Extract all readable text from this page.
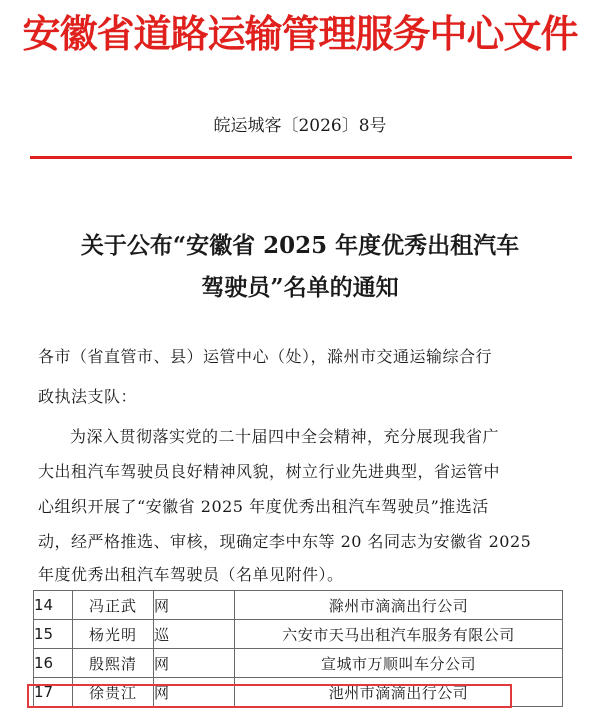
安徽省道路运输管理服务中心文件
皖运城客〔2026〕8号
关于公布“安徽省 2025 年度优秀出租汽车
驾驶员”名单的通知
各市（省直管市、县）运管中心（处），滁州市交通运输综合行
政执法支队：
为深入贯彻落实党的二十届四中全会精神，充分展现我省广
大出租汽车驾驶员良好精神风貌，树立行业先进典型，省运管中
心组织开展了“安徽省 2025 年度优秀出租汽车驾驶员”推选活
动，经严格推选、审核，现确定李中东等 20 名同志为安徽省 2025
年度优秀出租汽车驾驶员（名单见附件）。
14	冯正武	网	滁州市滴滴出行公司
15	杨光明	巡	六安市天马出租汽车服务有限公司
16	殷熙清	网	宣城市万顺叫车分公司
17	徐贵江	网	池州市滴滴出行公司
